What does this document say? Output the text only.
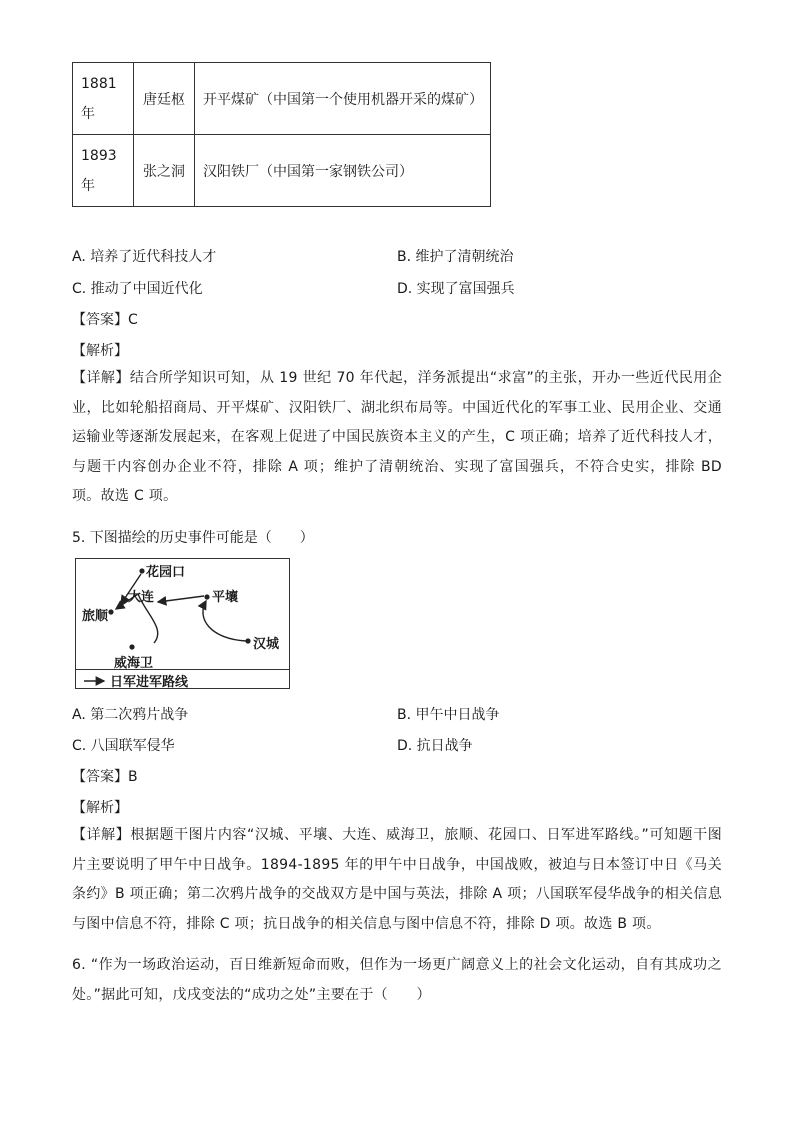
1881
年	唐廷枢	开平煤矿（中国第一个使用机器开采的煤矿）
1893
年	张之洞	汉阳铁厂（中国第一家钢铁公司）
A. 培养了近代科技人才	B. 维护了清朝统治
C. 推动了中国近代化	D. 实现了富国强兵
【答案】C
【解析】
【详解】结合所学知识可知，从 19 世纪 70 年代起，洋务派提出“求富”的主张，开办一些近代民用企业，比如轮船招商局、开平煤矿、汉阳铁厂、湖北织布局等。中国近代化的军事工业、民用企业、交通运输业等逐渐发展起来，在客观上促进了中国民族资本主义的产生，C 项正确；培养了近代科技人才，与题干内容创办企业不符，排除 A 项；维护了清朝统治、实现了富国强兵，不符合史实，排除 BD 项。故选 C 项。
5. 下图描绘的历史事件可能是（　　）
花园口
大连	平壤
旅顺
汉城
威海卫
日军进军路线
A. 第二次鸦片战争	B. 甲午中日战争
C. 八国联军侵华	D. 抗日战争
【答案】B
【解析】
【详解】根据题干图片内容“汉城、平壤、大连、威海卫，旅顺、花园口、日军进军路线。”可知题干图片主要说明了甲午中日战争。1894-1895 年的甲午中日战争，中国战败，被迫与日本签订中日《马关条约》B 项正确；第二次鸦片战争的交战双方是中国与英法，排除 A 项；八国联军侵华战争的相关信息与图中信息不符，排除 C 项；抗日战争的相关信息与图中信息不符，排除 D 项。故选 B 项。
6. “作为一场政治运动，百日维新短命而败，但作为一场更广阔意义上的社会文化运动，自有其成功之处。”据此可知，戊戌变法的“成功之处”主要在于（　　）
